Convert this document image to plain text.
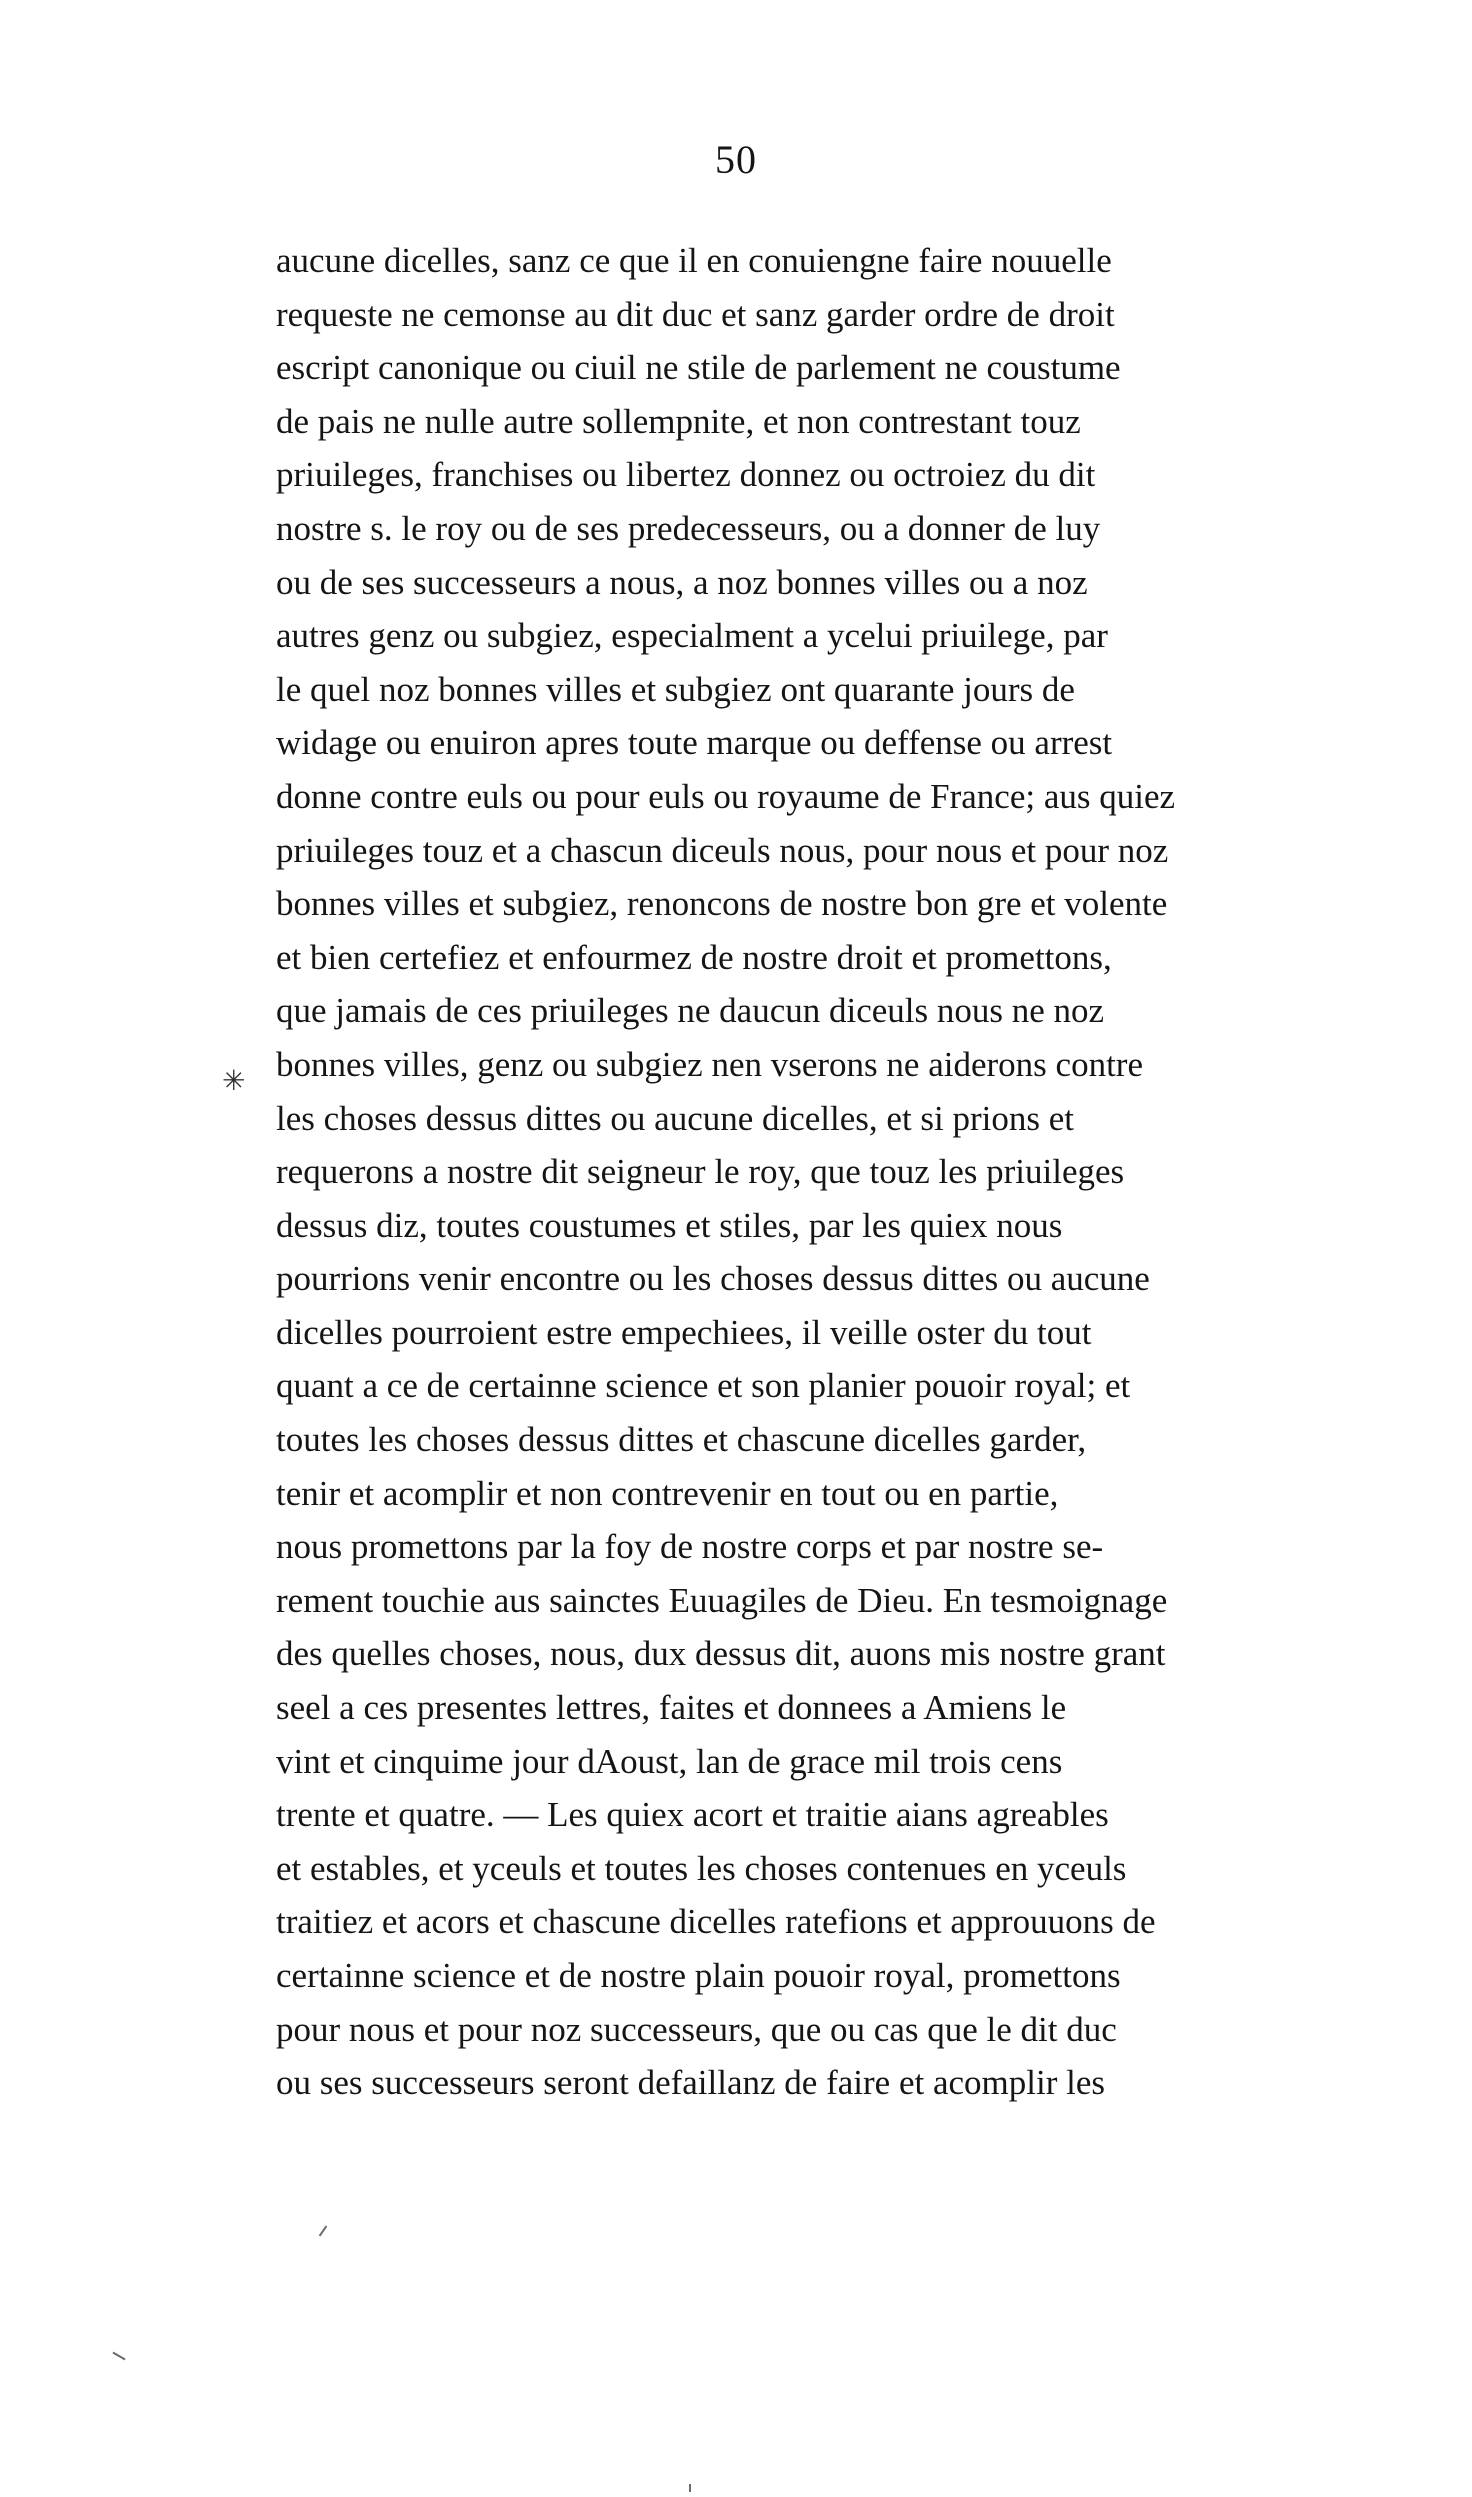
50
✳
aucune dicelles, sanz ce que il en conuiengne faire nouuelle
requeste ne cemonse au dit duc et sanz garder ordre de droit
escript canonique ou ciuil ne stile de parlement ne coustume
de pais ne nulle autre sollempnite, et non contrestant touz
priuileges, franchises ou libertez donnez ou octroiez du dit
nostre s. le roy ou de ses predecesseurs, ou a donner de luy
ou de ses successeurs a nous, a noz bonnes villes ou a noz
autres genz ou subgiez, especialment a ycelui priuilege, par
le quel noz bonnes villes et subgiez ont quarante jours de
widage ou enuiron apres toute marque ou deffense ou arrest
donne contre euls ou pour euls ou royaume de France; aus quiez
priuileges touz et a chascun diceuls nous, pour nous et pour noz
bonnes villes et subgiez, renoncons de nostre bon gre et volente
et bien certefiez et enfourmez de nostre droit et promettons,
que jamais de ces priuileges ne daucun diceuls nous ne noz
bonnes villes, genz ou subgiez nen vserons ne aiderons contre
les choses dessus dittes ou aucune dicelles, et si prions et
requerons a nostre dit seigneur le roy, que touz les priuileges
dessus diz, toutes coustumes et stiles, par les quiex nous
pourrions venir encontre ou les choses dessus dittes ou aucune
dicelles pourroient estre empechiees, il veille oster du tout
quant a ce de certainne science et son planier pouoir royal; et
toutes les choses dessus dittes et chascune dicelles garder,
tenir et acomplir et non contrevenir en tout ou en partie,
nous promettons par la foy de nostre corps et par nostre se-
rement touchie aus sainctes Euuagiles de Dieu. En tesmoignage
des quelles choses, nous, dux dessus dit, auons mis nostre grant
seel a ces presentes lettres, faites et donnees a Amiens le
vint et cinquime jour dAoust, lan de grace mil trois cens
trente et quatre. — Les quiex acort et traitie aians agreables
et estables, et yceuls et toutes les choses contenues en yceuls
traitiez et acors et chascune dicelles ratefions et approuuons de
certainne science et de nostre plain pouoir royal, promettons
pour nous et pour noz successeurs, que ou cas que le dit duc
ou ses successeurs seront defaillanz de faire et acomplir les
